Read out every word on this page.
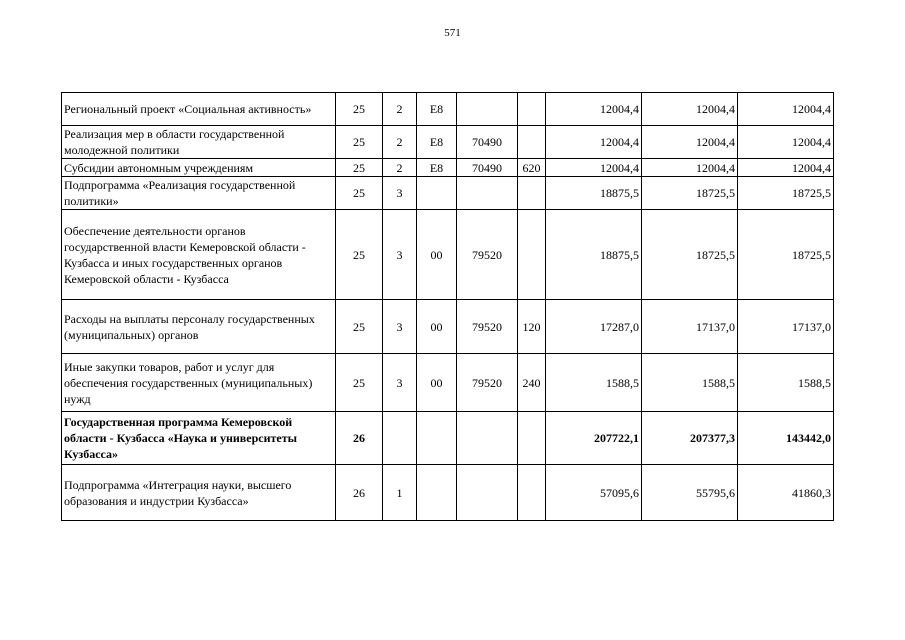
571
Региональный проект «Социальная активность»	25	2	E8			12004,4	12004,4	12004,4
Реализация мер в области государственной молодежной политики	25	2	E8	70490		12004,4	12004,4	12004,4
Субсидии автономным учреждениям	25	2	E8	70490	620	12004,4	12004,4	12004,4
Подпрограмма «Реализация государственной политики»	25	3				18875,5	18725,5	18725,5
Обеспечение деятельности органов государственной власти Кемеровской области - Кузбасса и иных государственных органов Кемеровской области - Кузбасса	25	3	00	79520		18875,5	18725,5	18725,5
Расходы на выплаты персоналу государственных (муниципальных) органов	25	3	00	79520	120	17287,0	17137,0	17137,0
Иные закупки товаров, работ и услуг для обеспечения государственных (муниципальных) нужд	25	3	00	79520	240	1588,5	1588,5	1588,5
Государственная программа Кемеровской области - Кузбасса «Наука и университеты Кузбасса»	26					207722,1	207377,3	143442,0
Подпрограмма «Интеграция науки, высшего образования и индустрии Кузбасса»	26	1				57095,6	55795,6	41860,3
